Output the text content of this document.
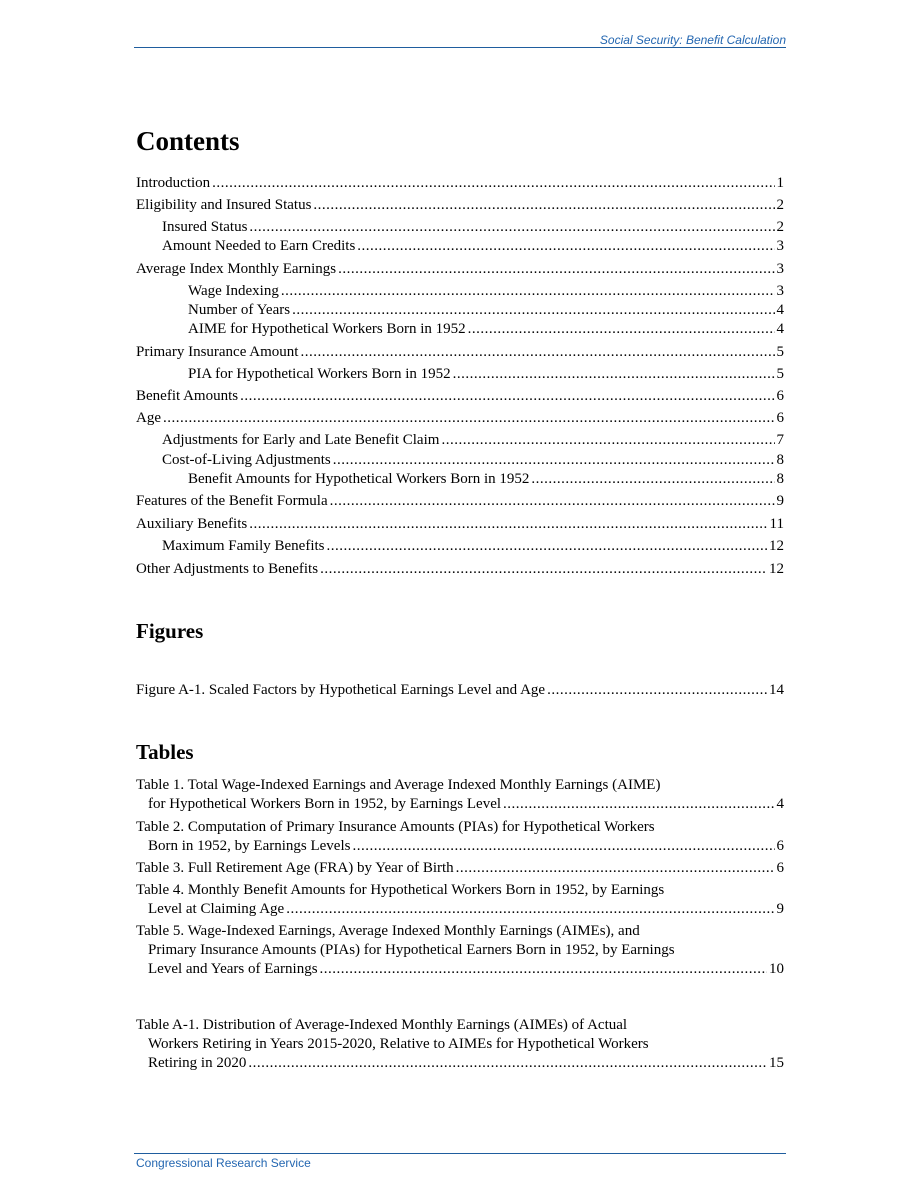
Social Security: Benefit Calculation
Contents
Introduction .....	1
Eligibility and Insured Status .....	2
Insured Status .....	2
Amount Needed to Earn Credits .....	3
Average Index Monthly Earnings .....	3
Wage Indexing .....	3
Number of Years .....	4
AIME for Hypothetical Workers Born in 1952 .....	4
Primary Insurance Amount .....	5
PIA for Hypothetical Workers Born in 1952 .....	5
Benefit Amounts .....	6
Age .....	6
Adjustments for Early and Late Benefit Claim .....	7
Cost-of-Living Adjustments .....	8
Benefit Amounts for Hypothetical Workers Born in 1952 .....	8
Features of the Benefit Formula .....	9
Auxiliary Benefits .....	11
Maximum Family Benefits .....	12
Other Adjustments to Benefits .....	12
Figures
Figure A-1. Scaled Factors by Hypothetical Earnings Level and Age .....	14
Tables
Table 1. Total Wage-Indexed Earnings and Average Indexed Monthly Earnings (AIME)
for Hypothetical Workers Born in 1952, by Earnings Level .....	4
Table 2. Computation of Primary Insurance Amounts (PIAs) for Hypothetical Workers
Born in 1952, by Earnings Levels .....	6
Table 3. Full Retirement Age (FRA) by Year of Birth .....	6
Table 4. Monthly Benefit Amounts for Hypothetical Workers Born in 1952, by Earnings
Level at Claiming Age .....	9
Table 5. Wage-Indexed Earnings, Average Indexed Monthly Earnings (AIMEs), and
Primary Insurance Amounts (PIAs) for Hypothetical Earners Born in 1952, by Earnings
Level and Years of Earnings .....	10
Table A-1. Distribution of Average-Indexed Monthly Earnings (AIMEs) of Actual
Workers Retiring in Years 2015-2020, Relative to AIMEs for Hypothetical Workers
Retiring in 2020 .....	15
Congressional Research Service
